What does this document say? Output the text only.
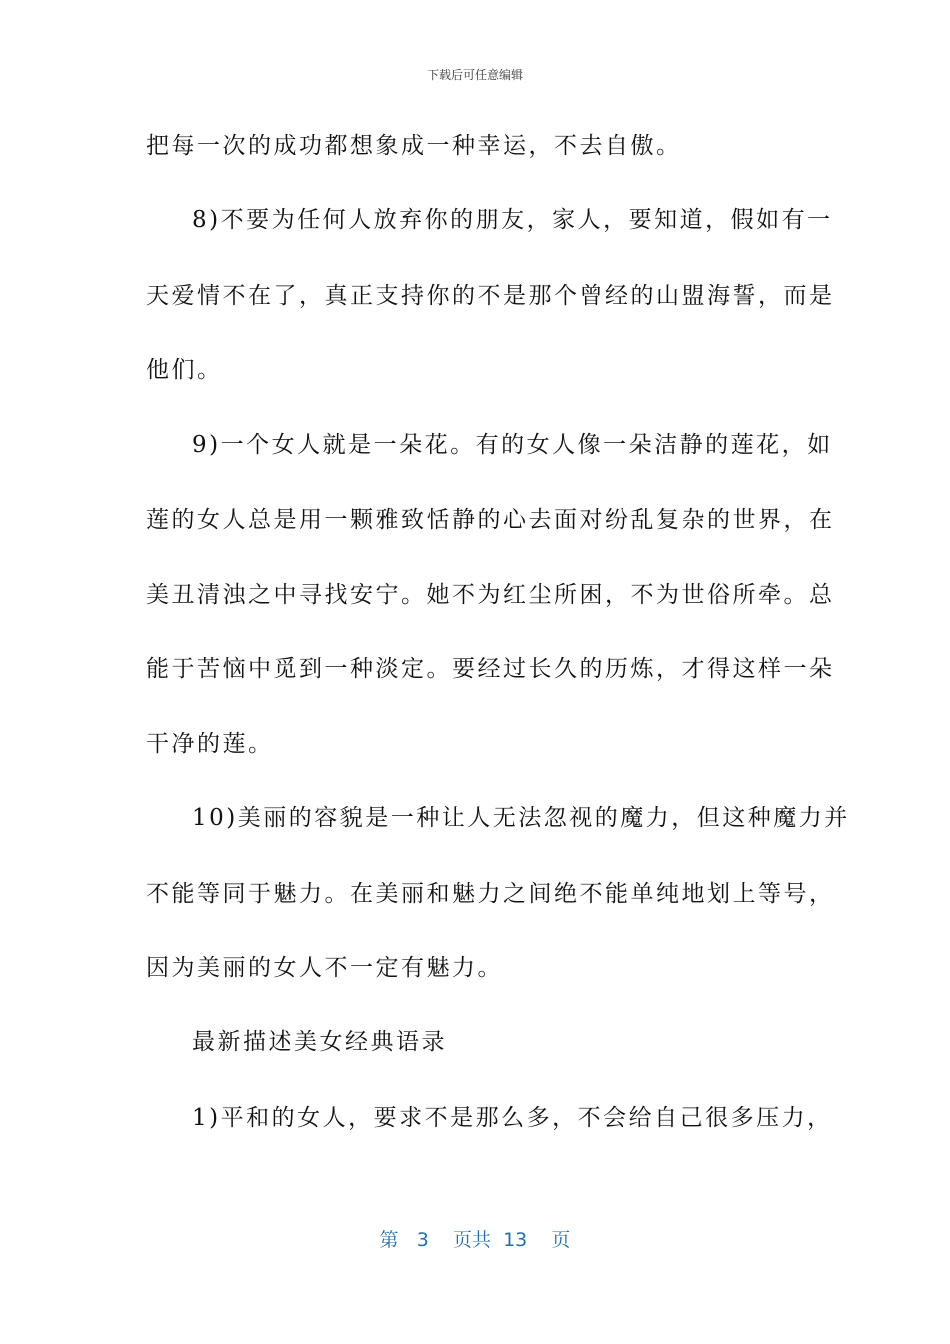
下载后可任意编辑
把每一次的成功都想象成一种幸运，不去自傲。
8)不要为任何人放弃你的朋友，家人，要知道，假如有一
天爱情不在了，真正支持你的不是那个曾经的山盟海誓，而是
他们。
9)一个女人就是一朵花。有的女人像一朵洁静的莲花，如
莲的女人总是用一颗雅致恬静的心去面对纷乱复杂的世界，在
美丑清浊之中寻找安宁。她不为红尘所困，不为世俗所牵。总
能于苦恼中觅到一种淡定。要经过长久的历炼，才得这样一朵
干净的莲。
10)美丽的容貌是一种让人无法忽视的魔力，但这种魔力并
不能等同于魅力。在美丽和魅力之间绝不能单纯地划上等号，
因为美丽的女人不一定有魅力。
最新描述美女经典语录
1)平和的女人，要求不是那么多，不会给自己很多压力，
第 3 页共 13 页
